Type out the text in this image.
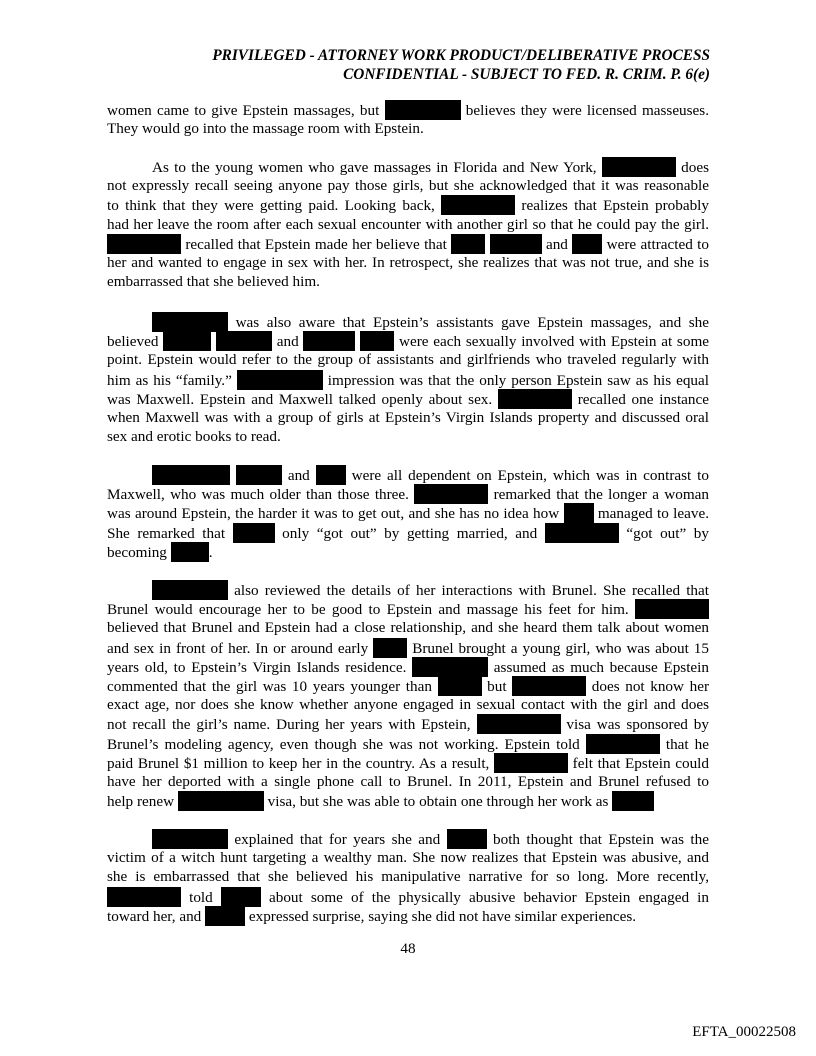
PRIVILEGED - ATTORNEY WORK PRODUCT/DELIBERATIVE PROCESS
CONFIDENTIAL - SUBJECT TO FED. R. CRIM. P. 6(e)
women came to give Epstein massages, but	believes they were licensed masseuses.
They would go into the massage room with Epstein.
As to the young women who gave massages in Florida and New York,	does
not expressly recall seeing anyone pay those girls, but she acknowledged that it was reasonable
to think that they were getting paid. Looking back,	realizes that Epstein probably
had her leave the room after each sexual encounter with another girl so that he could pay the girl.
recalled that Epstein made her believe that	and  were attracted to
her and wanted to engage in sex with her. In retrospect, she realizes that was not true, and she is
embarrassed that she believed him.
was also aware that Epstein’s assistants gave Epstein massages, and she
believed	and	were each sexually involved with Epstein at some
point. Epstein would refer to the group of assistants and girlfriends who traveled regularly with
him as his “family.”	impression was that the only person Epstein saw as his equal
was Maxwell. Epstein and Maxwell talked openly about sex.	recalled one instance
when Maxwell was with a group of girls at Epstein’s Virgin Islands property and discussed oral
sex and erotic books to read.
and  were all dependent on Epstein, which was in contrast to
Maxwell, who was much older than those three.	remarked that the longer a woman
was around Epstein, the harder it was to get out, and she has no idea how  managed to leave.
She remarked that	only “got out” by getting married, and	“got out” by
becoming	.
also reviewed the details of her interactions with Brunel. She recalled that
Brunel would encourage her to be good to Epstein and massage his feet for him.
believed that Brunel and Epstein had a close relationship, and she heard them talk about women
and sex in front of her. In or around early  Brunel brought a young girl, who was about 15
years old, to Epstein’s Virgin Islands residence.	assumed as much because Epstein
commented that the girl was 10 years younger than	but	does not know her
exact age, nor does she know whether anyone engaged in sexual contact with the girl and does
not recall the girl’s name. During her years with Epstein,	visa was sponsored by
Brunel’s modeling agency, even though she was not working. Epstein told	that he
paid Brunel $1 million to keep her in the country. As a result,	felt that Epstein could
have her deported with a single phone call to Brunel. In 2011, Epstein and Brunel refused to
help renew	visa, but she was able to obtain one through her work as
explained that for years she and	both thought that Epstein was the
victim of a witch hunt targeting a wealthy man. She now realizes that Epstein was abusive, and
she is embarrassed that she believed his manipulative narrative for so long. More recently,
told	about some of the physically abusive behavior Epstein engaged in
toward her, and	expressed surprise, saying she did not have similar experiences.
48
EFTA_00022508
